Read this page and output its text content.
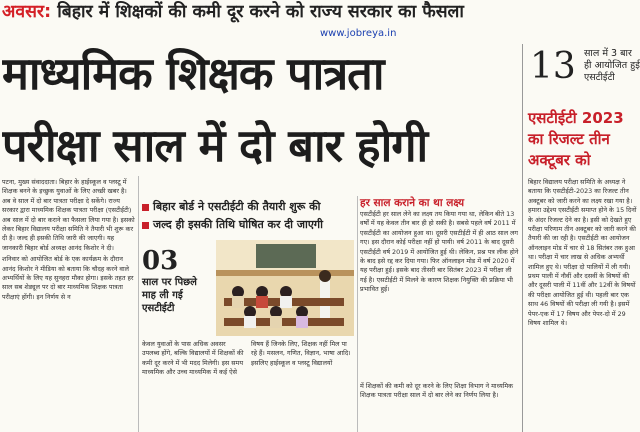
अवसर: बिहार में शिक्षकों की कमी दूर करने को राज्य सरकार का फैसला
www.jobreya.in
माध्यमिक शिक्षक पात्रता
परीक्षा साल में दो बार होगी
13 साल में 3 बार ही आयोजित हुई एसटीईटी
एसटीईटी 2023 का रिजल्ट तीन अक्टूबर को
बिहार विद्यालय परीक्षा समिति के अध्यक्ष ने बताया कि एसटीईटी-2023 का रिजल्ट तीन अक्टूबर को जारी करने का लक्ष्य रखा गया है। हमारा उद्देश्य एसटीईटी समाप्त होने के 15 दिनों के अंदर रिजल्ट देने का है। इसी को देखते हुए परीक्षा परिणाम तीन अक्टूबर को जारी करने की तैयारी की जा रही है। एसटीईटी का आयोजन ऑनलाइन मोड में चार से 18 सितंबर तक हुआ था। परीक्षा में चार लाख से अधिक अभ्यर्थी शामिल हुए थे। परीक्षा दो पालियों में ली गयी। प्रथम पाली में नौवीं और दसवीं के विषयों की और दूसरी पाली में 11वीं और 12वीं के विषयों की परीक्षा आयोजित हुई थी। पहली बार एक साथ 46 विषयों की परीक्षा ली गयी है। इसमें पेपर-एक में 17 विषय और पेपर-दो में 29 विषय शामिल थे।

पटना, मुख्य संवाददाता। बिहार के हाईस्कूल व प्लस्टू में शिक्षक बनने के इच्छुक युवाओं के लिए अच्छी खबर है। अब वे साल में दो बार पात्रता परीक्षा दे सकेंगे। राज्य सरकार द्वारा माध्यमिक शिक्षक पात्रता परीक्षा (एसटीईटी) अब साल में दो बार कराने का फैसला लिया गया है। इसको लेकर बिहार विद्यालय परीक्षा समिति ने तैयारी भी शुरू कर दी है। जल्द ही इसकी तिथि जारी की जाएगी। यह जानकारी बिहार बोर्ड अध्यक्ष आनंद किशोर ने दी।

शनिवार को आयोजित बोर्ड के एक कार्यक्रम के दौरान आनंद किशोर ने मीडिया को बताया कि चौदह करने वाले अभ्यर्थियों के लिए यह सुनहरा मौका होगा। इसके तहत हर साल सब शेड्यूल पर दो बार माध्यमिक शिक्षक पात्रता परीक्षाएं होंगी। इन निर्णय से न

बिहार बोर्ड ने एसटीईटी की तैयारी शुरू की
जल्द ही इसकी तिथि घोषित कर दी जाएगी
03
साल पर पिछले माह ली गई एसटीईटी
केवल युवाओं के पास अधिक अवसर उपलब्ध होंगे, बल्कि विद्यालयों में शिक्षकों की कमी दूर करने में भी मदद मिलेगी। इस समय माध्यमिक और उच्च माध्यमिक में कई ऐसे विषय हैं जिनके लिए, शिक्षक नहीं मिल पा रहे हैं। मसलन, गणित, विज्ञान, भाषा आदि। इसलिए हाईस्कूल व प्लस्टू विद्यालयों
हर साल कराने का था लक्ष्य
एसटीईटी हर साल लेने का लक्ष्य तय किया गया था, लेकिन बीते 13 वर्षों में यह केवल तीन बार ही हो सकी है। सबसे पहले वर्ष 2011 में एसटीईटी का आयोजन हुआ था। दूसरी एसटीईटी में ही आठ साल लग गए। इस दौरान कोई परीक्षा नहीं हो पायी। वर्ष 2011 के बाद दूसरी एसटीईटी वर्ष 2019 में आयोजित हुई थी। लेकिन, प्रश्न पत्र लीक होने के बाद इसे रद्द कर दिया गया। फिर ऑनलाइन मोड में वर्ष 2020 में यह परीक्षा हुई। इसके बाद तीसरी बार सितंबर 2023 में परीक्षा ली गई है। एसटीईटी में मिलने के कारण शिक्षक नियुक्ति की प्रक्रिया भी प्रभावित हुई।
में शिक्षकों की कमी को दूर करने के लिए शिक्षा विभाग ने माध्यमिक शिक्षक पात्रता परीक्षा साल में दो बार लेने का निर्णय लिया है।
